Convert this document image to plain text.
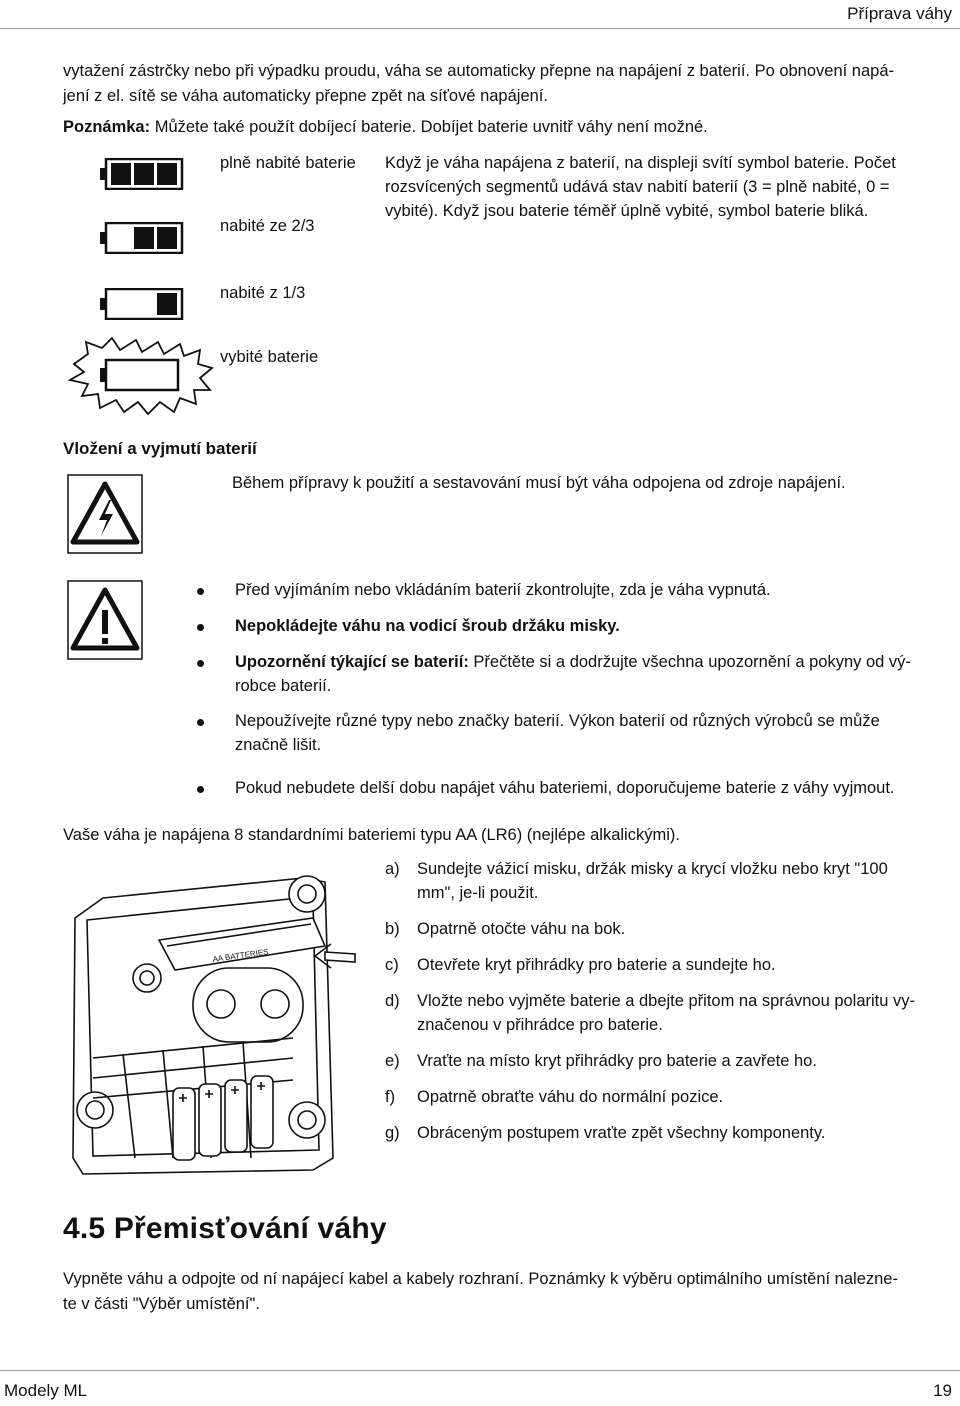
Příprava váhy

vytažení zástrčky nebo při výpadku proudu, váha se automaticky přepne na napájení z baterií. Po obnovení napá-

jení z el. sítě se váha automaticky přepne zpět na síťové napájení.

Poznámka: Můžete také použít dobíjecí baterie. Dobíjet baterie uvnitř váhy není možné.

plně nabité baterie

nabité ze 2/3

nabité z 1/3

vybité baterie

Když je váha napájena z baterií, na displeji svítí symbol baterie. Počet

rozsvícených segmentů udává stav nabití baterií (3 = plně nabité, 0 =

vybité). Když jsou baterie téměř úplně vybité, symbol baterie bliká.

Vložení a vyjmutí baterií

Během přípravy k použití a sestavování musí být váha odpojena od zdroje napájení.

Před vyjímáním nebo vkládáním baterií zkontrolujte, zda je váha vypnutá.
Nepokládejte váhu na vodicí šroub držáku misky.
Upozornění týkající se baterií: Přečtěte si a dodržujte všechna upozornění a pokyny od vý-

robce baterií.

Nepoužívejte různé typy nebo značky baterií. Výkon baterií od různých výrobců se může

značně lišit.

Pokud nebudete delší dobu napájet váhu bateriemi, doporučujeme baterie z váhy vyjmout.

Vaše váha je napájena 8 standardními bateriemi typu AA (LR6) (nejlépe alkalickými).

AA BATTERIES
a) Sundejte vážicí misku, držák misky a krycí vložku nebo kryt "100

mm", je-li použit.

b) Opatrně otočte váhu na bok.
c) Otevřete kryt přihrádky pro baterie a sundejte ho.
d) Vložte nebo vyjměte baterie a dbejte přitom na správnou polaritu vy-

značenou v přihrádce pro baterie.

e) Vraťte na místo kryt přihrádky pro baterie a zavřete ho.
f) Opatrně obraťte váhu do normální pozice.
g) Obráceným postupem vraťte zpět všechny komponenty.
4.5 Přemisťování váhy

Vypněte váhu a odpojte od ní napájecí kabel a kabely rozhraní. Poznámky k výběru optimálního umístění nalezne-

te v části "Výběr umístění".

Modely ML	19
